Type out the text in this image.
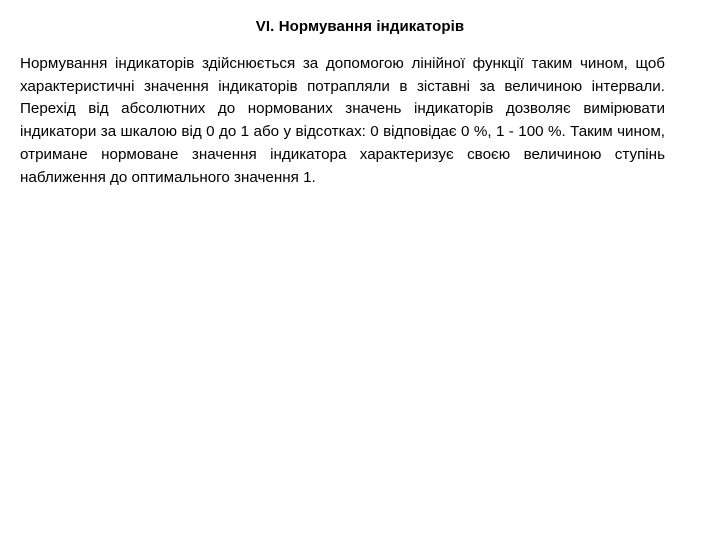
VI. Нормування індикаторів

Нормування індикаторів здійснюється за допомогою лінійної функції таким чином, щоб характеристичні значення індикаторів потрапляли в зіставні за величиною інтервали. Перехід від абсолютних до нормованих значень індикаторів дозволяє вимірювати індикатори за шкалою від 0 до 1 або у відсотках: 0 відповідає 0 %, 1 - 100 %. Таким чином, отримане нормоване значення індикатора характеризує своєю величиною ступінь наближення до оптимального значення 1.
